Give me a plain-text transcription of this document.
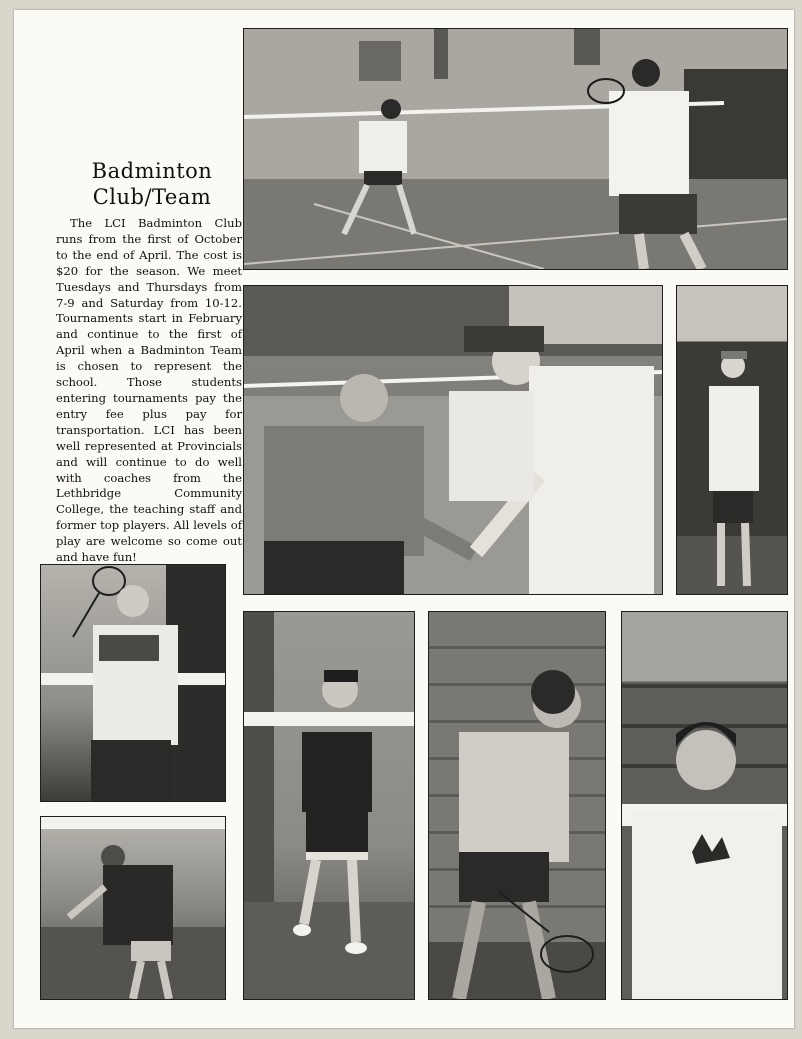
Badminton
Club/Team

The LCI Badminton Club runs from the first of October to the end of April. The cost is $20 for the season. We meet Tuesdays and Thursdays from 7-9 and Saturday from 10-12. Tournaments start in February and continue to the first of April when a Badminton Team is chosen to represent the school. Those students entering tournaments pay the entry fee plus pay for transportation. LCI has been well represented at Provincials and will continue to do well with coaches from the Lethbridge Community College, the teaching staff and former top players. All levels of play are welcome so come out and have fun!
